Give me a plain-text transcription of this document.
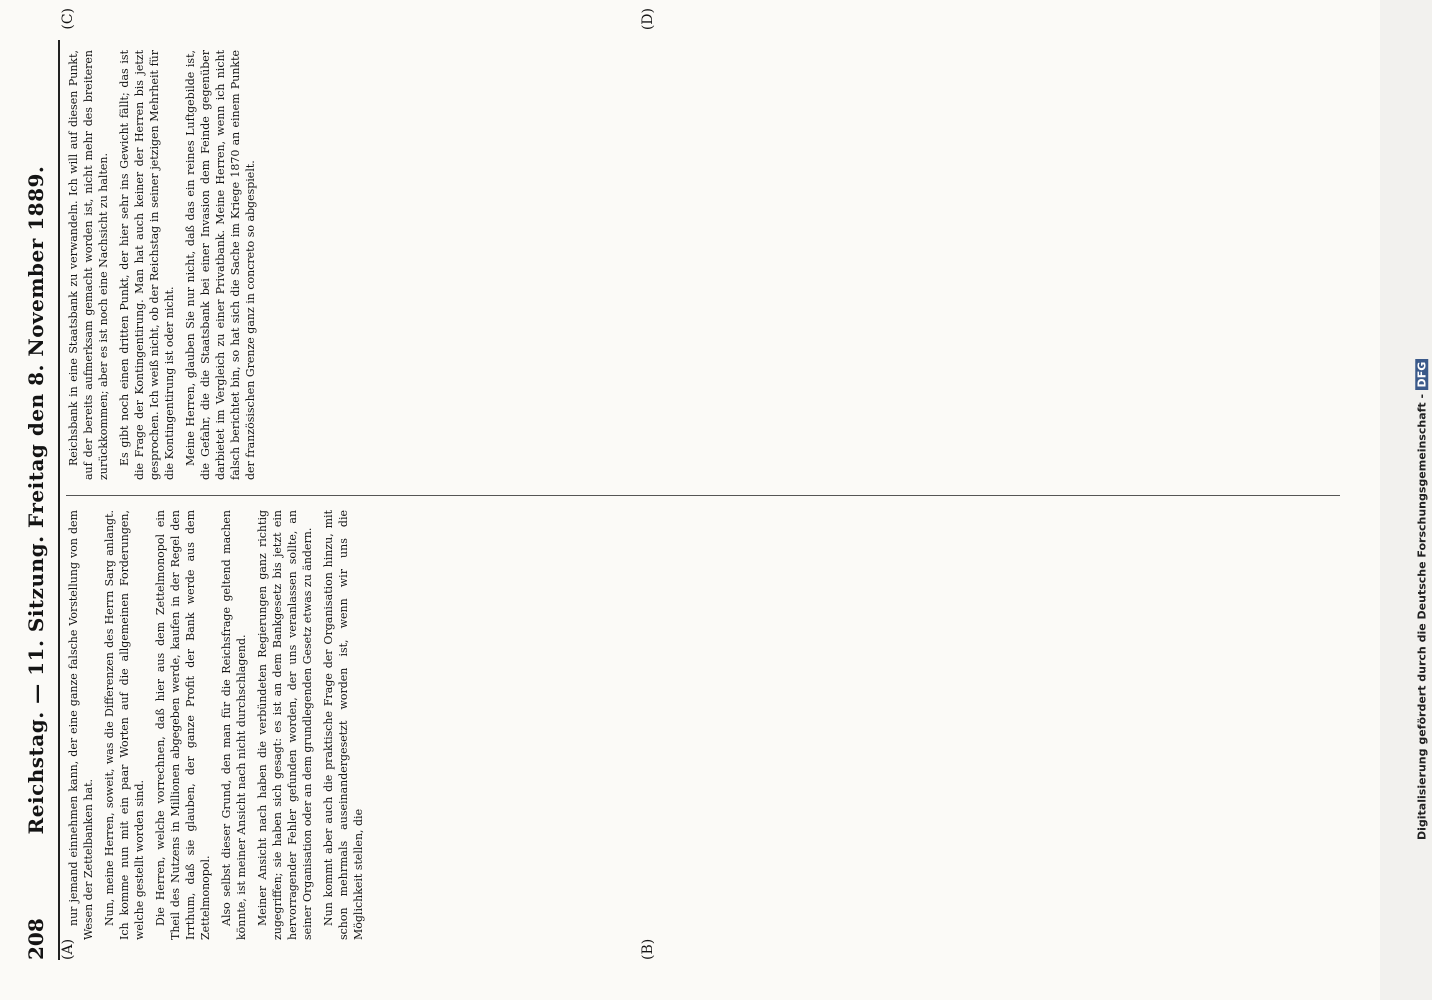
208
Reichstag. — 11. Sitzung. Freitag den 8. November 1889.
(A)	(B)
(C)	(D)

nur jemand einnehmen kann, der eine ganze falsche Vorstellung von dem Wesen der Zettelbanken hat. Nun, meine Herren, soweit, was die Differenzen des Herrn Sarg anlangt. Ich komme nun mit ein paar Worten auf die allgemeinen Forderungen, welche gestellt worden sind. Die Herren, welche vorrechnen, daß hier aus dem Zettelmonopol ein Theil des Nutzens in Millionen abgegeben werde, kaufen in der Regel den Irrthum, daß sie glauben, der ganze Profit der Bank werde aus dem Zettelmonopol. Also selbst dieser Grund, den man für die Reichsfrage geltend machen könnte, ist meiner Ansicht nach nicht durchschlagend. Meiner Ansicht nach haben die verbündeten Regierungen ganz richtig zugegriffen; sie haben sich gesagt: es ist an dem Bankgesetz bis jetzt ein hervorragender Fehler gefunden worden, der uns veranlassen sollte, an seiner Organisation oder an dem grundlegenden Gesetz etwas zu ändern. Nun kommt aber auch die praktische Frage der Organisation hinzu, mit schon mehrmals auseinandergesetzt worden ist, wenn wir uns die Möglichkeit stellen, die

Reichsbank in eine Staatsbank zu verwandeln. Ich will auf diesen Punkt, auf der bereits aufmerksam gemacht worden ist, nicht mehr des breiteren zurückkommen; aber es ist noch eine Nachsicht zu halten. Es gibt noch einen dritten Punkt, der hier sehr ins Gewicht fällt; das ist die Frage der Kontingentirung. Man hat auch keiner der Herren bis jetzt gesprochen. Ich weiß nicht, ob der Reichstag in seiner jetzigen Mehrheit für die Kontingentirung ist oder nicht. Meine Herren, glauben Sie nur nicht, daß das ein reines Luftgebilde ist, die Gefahr, die die Staatsbank bei einer Invasion dem Feinde gegenüber darbietet im Vergleich zu einer Privatbank. Meine Herren, wenn ich nicht falsch berichtet bin, so hat sich die Sache im Kriege 1870 an einem Punkte der französischen Grenze ganz in concreto so abgespielt.

Digitalisierung gefördert durch die Deutsche Forschungsgemeinschaft - DFG
